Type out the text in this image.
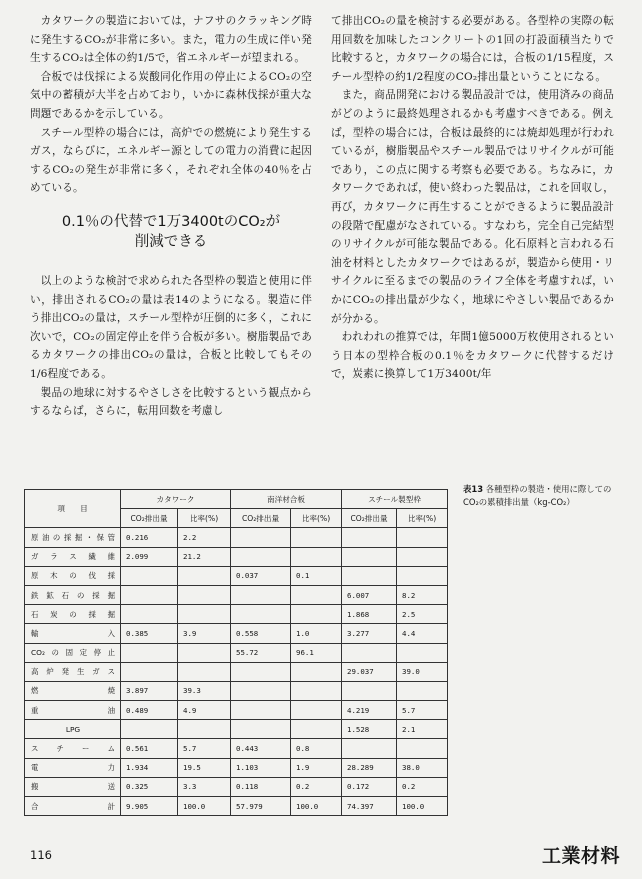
カタワークの製造においては，ナフサのクラッキング時に発生するCO₂が非常に多い。また，電力の生成に伴い発生するCO₂は全体の約1/5で，省エネルギーが望まれる。

合板では伐採による炭酸同化作用の停止によるCO₂の空気中の蓄積が大半を占めており，いかに森林伐採が重大な問題であるかを示している。

スチール型枠の場合には，高炉での燃焼により発生するガス，ならびに，エネルギー源としての電力の消費に起因するCO₂の発生が非常に多く，それぞれ全体の40％を占めている。

0.1％の代替で1万3400tのCO₂が
削減できる

以上のような検討で求められた各型枠の製造と使用に伴い，排出されるCO₂の量は表14のようになる。製造に伴う排出CO₂の量は，スチール型枠が圧倒的に多く，これに次いで，CO₂の固定停止を伴う合板が多い。樹脂製品であるカタワークの排出CO₂の量は，合板と比較してもその1/6程度である。

製品の地球に対するやさしさを比較するという観点からするならば，さらに，転用回数を考慮し

て排出CO₂の量を検討する必要がある。各型枠の実際の転用回数を加味したコンクリートの1回の打設面積当たりで比較すると，カタワークの場合には，合板の1/15程度，スチール型枠の約1/2程度のCO₂排出量ということになる。

また，商品開発における製品設計では，使用済みの商品がどのように最終処理されるかも考慮すべきである。例えば，型枠の場合には，合板は最終的には焼却処理が行われているが，樹脂製品やスチール製品ではリサイクルが可能であり，この点に関する考察も必要である。ちなみに，カタワークであれば，使い終わった製品は，これを回収し，再び，カタワークに再生することができるように製品設計の段階で配慮がなされている。すなわち，完全自己完結型のリサイクルが可能な製品である。化石原料と言われる石油を材料としたカタワークではあるが，製造から使用・リサイクルに至るまでの製品のライフ全体を考慮すれば，いかにCO₂の排出量が少なく，地球にやさしい製品であるかが分かる。

われわれの推算では，年間1億5000万枚使用されるという日本の型枠合板の0.1％をカタワークに代替するだけで，炭素に換算して1万3400t/年

項　　目	カタワーク		南洋材合板		スチール製型枠	
	CO₂排出量	比率(%)	CO₂排出量	比率(%)	CO₂排出量	比率(%)
原油の採掘・保管	0.216	2.2				
ガラス繊維	2.099	21.2				
原木の伐採			0.037	0.1		
鉄鉱石の採掘					6.007	8.2
石炭の採掘					1.868	2.5
輸　　　入	0.385	3.9	0.558	1.0	3.277	4.4
CO₂の固定停止			55.72	96.1		
高炉発生ガス					29.037	39.0
燃　　　焼	3.897	39.3				
重　　　油	0.489	4.9			4.219	5.7
LPG					1.528	2.1
スチーム	0.561	5.7	0.443	0.8		
電　　　力	1.934	19.5	1.103	1.9	28.289	38.0
搬　　　送	0.325	3.3	0.118	0.2	0.172	0.2
合　　　計	9.905	100.0	57.979	100.0	74.397	100.0
表13 各種型枠の製造・使用に際してのCO₂の累積排出量（kg-CO₂）
116	工業材料
